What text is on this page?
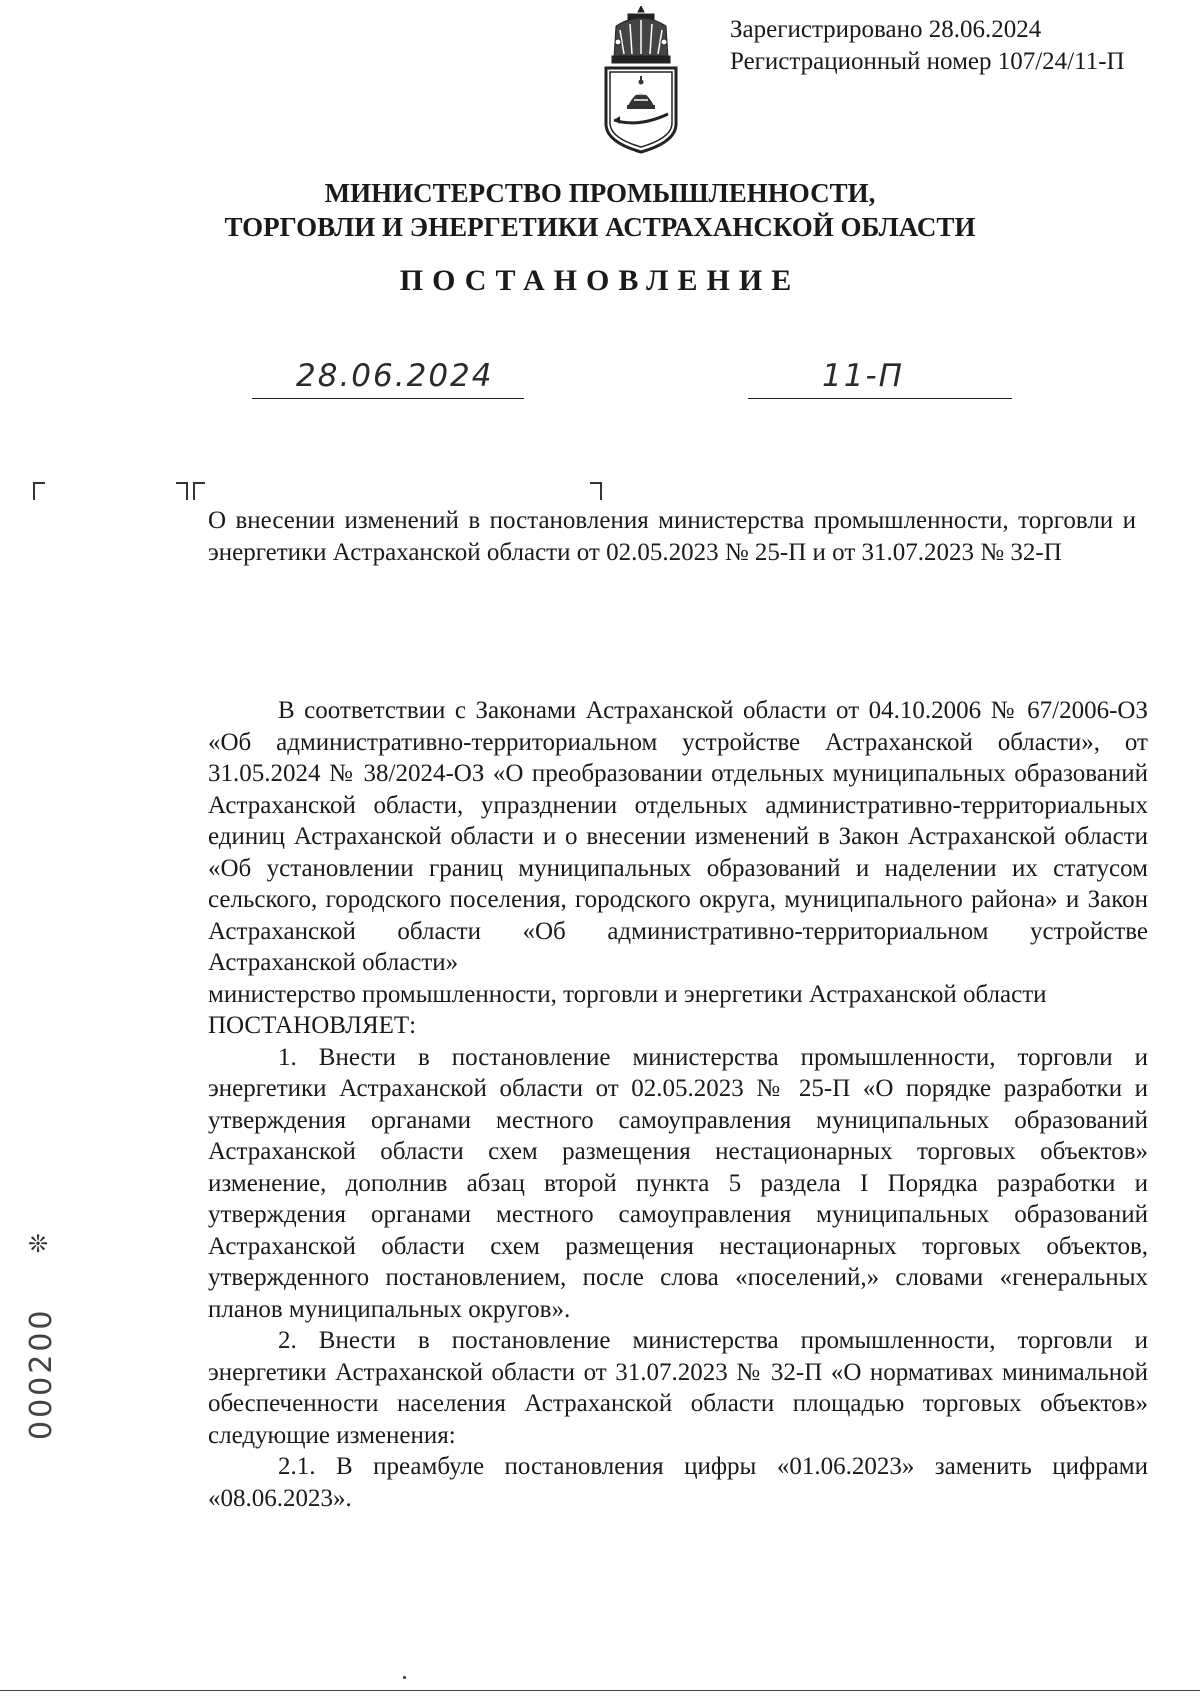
Зарегистрировано 28.06.2024
Регистрационный номер 107/24/11-П
МИНИСТЕРСТВО ПРОМЫШЛЕННОСТИ,
ТОРГОВЛИ И ЭНЕРГЕТИКИ АСТРАХАНСКОЙ ОБЛАСТИ
ПОСТАНОВЛЕНИЕ
28.06.2024	11-П
О внесении изменений в постановления министерства промышленности, торговли и энергетики Астраханской области от 02.05.2023 № 25-П и от 31.07.2023 № 32-П

В соответствии с Законами Астраханской области от 04.10.2006 № 67/2006-ОЗ «Об административно-территориальном устройстве Астраханской области», от 31.05.2024 № 38/2024-ОЗ «О преобразовании отдельных муниципальных образований Астраханской области, упразднении отдельных административно-территориальных единиц Астраханской области и о внесении изменений в Закон Астраханской области «Об установлении границ муниципальных образований и наделении их статусом сельского, городского поселения, городского округа, муниципального района» и Закон Астраханской области «Об административно-территориальном устройстве Астраханской области»

министерство промышленности, торговли и энергетики Астраханской области

ПОСТАНОВЛЯЕТ:

1. Внести в постановление министерства промышленности, торговли и энергетики Астраханской области от 02.05.2023 № 25-П «О порядке разработки и утверждения органами местного самоуправления муниципальных образований Астраханской области схем размещения нестационарных торговых объектов» изменение, дополнив абзац второй пункта 5 раздела I Порядка разработки и утверждения органами местного самоуправления муниципальных образований Астраханской области схем размещения нестационарных торговых объектов, утвержденного постановлением, после слова «поселений,» словами «генеральных планов муниципальных округов».

2. Внести в постановление министерства промышленности, торговли и энергетики Астраханской области от 31.07.2023 № 32-П «О нормативах минимальной обеспеченности населения Астраханской области площадью торговых объектов» следующие изменения:

2.1. В преамбуле постановления цифры «01.06.2023» заменить цифрами «08.06.2023».

❊
000200
